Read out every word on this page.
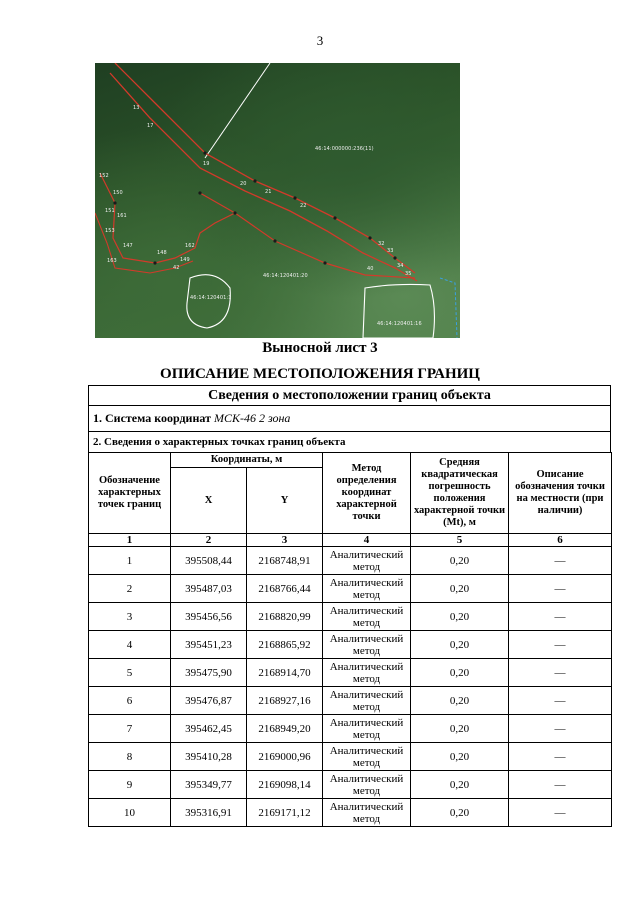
3
46:14:000000:236(11)
46:14:120401:20
46:14:120401:1
46:14:120401:16
13
17
19
20
21
22
32
33
34
35
40
42
147
148
149
150
151
152
153
161
162
163
Выносной лист 3
ОПИСАНИЕ МЕСТОПОЛОЖЕНИЯ ГРАНИЦ
Сведения о местоположении границ объекта
1. Система координат МСК-46 2 зона
2. Сведения о характерных точках границ объекта
Обозначение характерных точек границ	Координаты, м		Метод определения координат характерной точки	Средняя квадратическая погрешность положения характерной точки (Mt), м	Описание обозначения точки на местности (при наличии)
	X	Y			
1	2	3	4	5	6
1	395508,44	2168748,91	Аналитический метод	0,20	—
2	395487,03	2168766,44	Аналитический метод	0,20	—
3	395456,56	2168820,99	Аналитический метод	0,20	—
4	395451,23	2168865,92	Аналитический метод	0,20	—
5	395475,90	2168914,70	Аналитический метод	0,20	—
6	395476,87	2168927,16	Аналитический метод	0,20	—
7	395462,45	2168949,20	Аналитический метод	0,20	—
8	395410,28	2169000,96	Аналитический метод	0,20	—
9	395349,77	2169098,14	Аналитический метод	0,20	—
10	395316,91	2169171,12	Аналитический метод	0,20	—
